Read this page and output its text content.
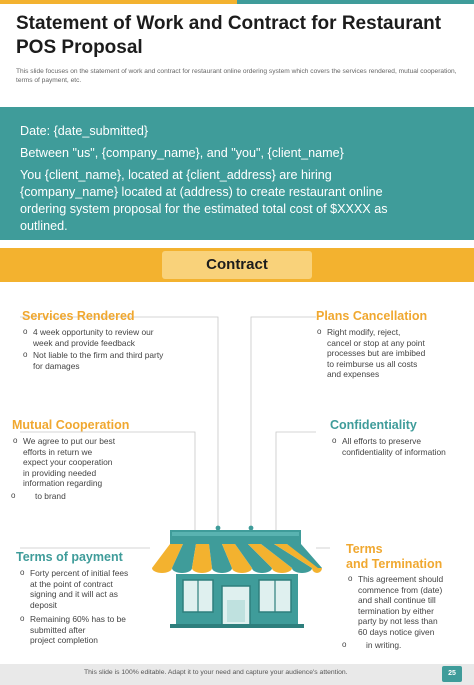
Statement of Work and Contract for Restaurant POS Proposal
This slide focuses on the statement of work and contract for restaurant online ordering system which covers the services rendered, mutual cooperation, terms of payment, etc.
Date: {date_submitted}
Between "us", {company_name}, and "you", {client_name}
You {client_name}, located at {client_address} are hiring
{company_name} located at (address) to create restaurant online
ordering system proposal for the estimated total cost of $XXXX as
outlined.
Contract
Services Rendered
o 4 week opportunity to review our
week and provide feedback
o Not liable to the firm and third party
for damages
Plans Cancellation
o Right modify, reject,
cancel or stop at any point
processes but are imbibed
to reimburse us all costs
and expenses
Mutual Cooperation
o We agree to put our best
efforts in return we
expect your cooperation
in providing needed
information regarding
o	to brand
Confidentiality
o All efforts to preserve
confidentiality of information
Terms of payment
o Forty percent of initial fees
at the point of contract
signing and it will act as
deposit
o Remaining 60% has to be
submitted after
project completion
Terms
and Termination
o This agreement should
commence from (date)
and shall continue till
termination by either
party by not less than
60 days notice given
o	in writing.
This slide is 100% editable. Adapt it to your need and capture your audience's attention.	25
